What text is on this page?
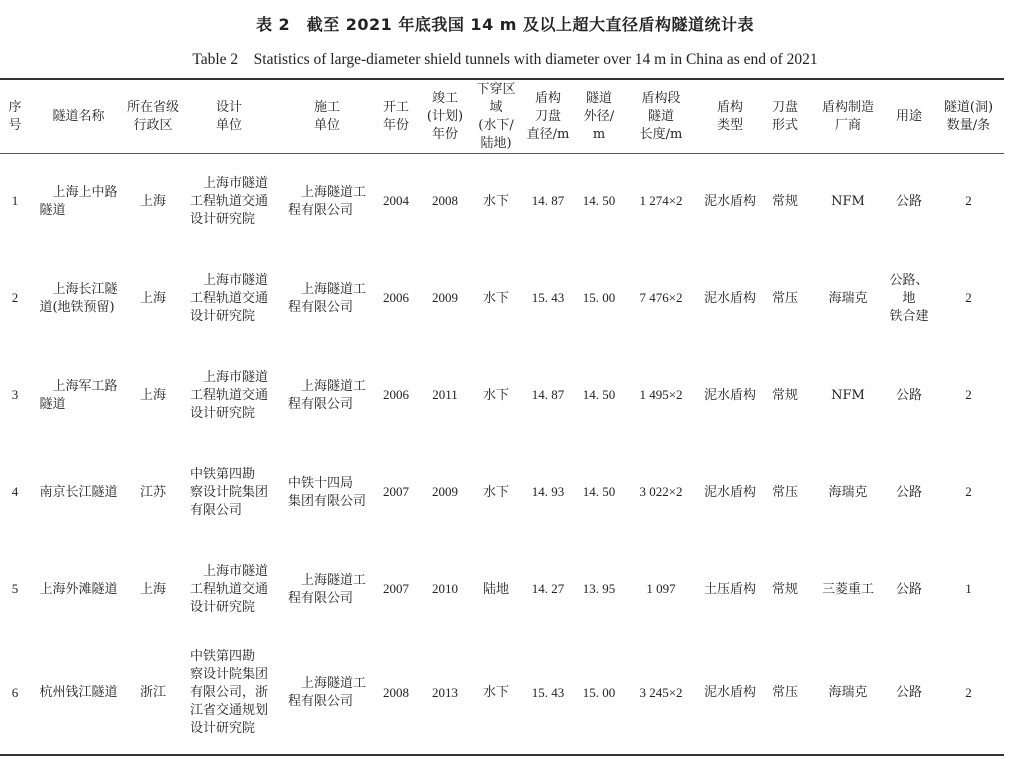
表 2　截至 2021 年底我国 14 m 及以上超大直径盾构隧道统计表
Table 2　Statistics of large-diameter shield tunnels with diameter over 14 m in China as end of 2021
序
号	隧道名称	所在省级
行政区	设计
单位	施工
单位	开工
年份	竣工
(计划)
年份	下穿区域
(水下/
陆地)	盾构
刀盘
直径/m	隧道
外径/
m	盾构段
隧道
长度/m	盾构
类型	刀盘
形式	盾构制造
厂商	用途	隧道(洞)
数量/条
1	　上海上中路
隧道	上海	　上海市隧道
工程轨道交通
设计研究院	　上海隧道工
程有限公司	2004	2008	水下	14. 87	14. 50	1 274×2	泥水盾构	常规	NFM	公路	2
2	　上海长江隧
道(地铁预留)	上海	　上海市隧道
工程轨道交通
设计研究院	　上海隧道工
程有限公司	2006	2009	水下	15. 43	15. 00	7 476×2	泥水盾构	常压	海瑞克	公路、地
铁合建	2
3	　上海军工路
隧道	上海	　上海市隧道
工程轨道交通
设计研究院	　上海隧道工
程有限公司	2006	2011	水下	14. 87	14. 50	1 495×2	泥水盾构	常规	NFM	公路	2
4	南京长江隧道	江苏	中铁第四勘
察设计院集团
有限公司	中铁十四局
集团有限公司	2007	2009	水下	14. 93	14. 50	3 022×2	泥水盾构	常压	海瑞克	公路	2
5	上海外滩隧道	上海	　上海市隧道
工程轨道交通
设计研究院	　上海隧道工
程有限公司	2007	2010	陆地	14. 27	13. 95	1 097	土压盾构	常规	三菱重工	公路	1
6	杭州钱江隧道	浙江	中铁第四勘
察设计院集团
有限公司，浙
江省交通规划
设计研究院	　上海隧道工
程有限公司	2008	2013	水下	15. 43	15. 00	3 245×2	泥水盾构	常压	海瑞克	公路	2
